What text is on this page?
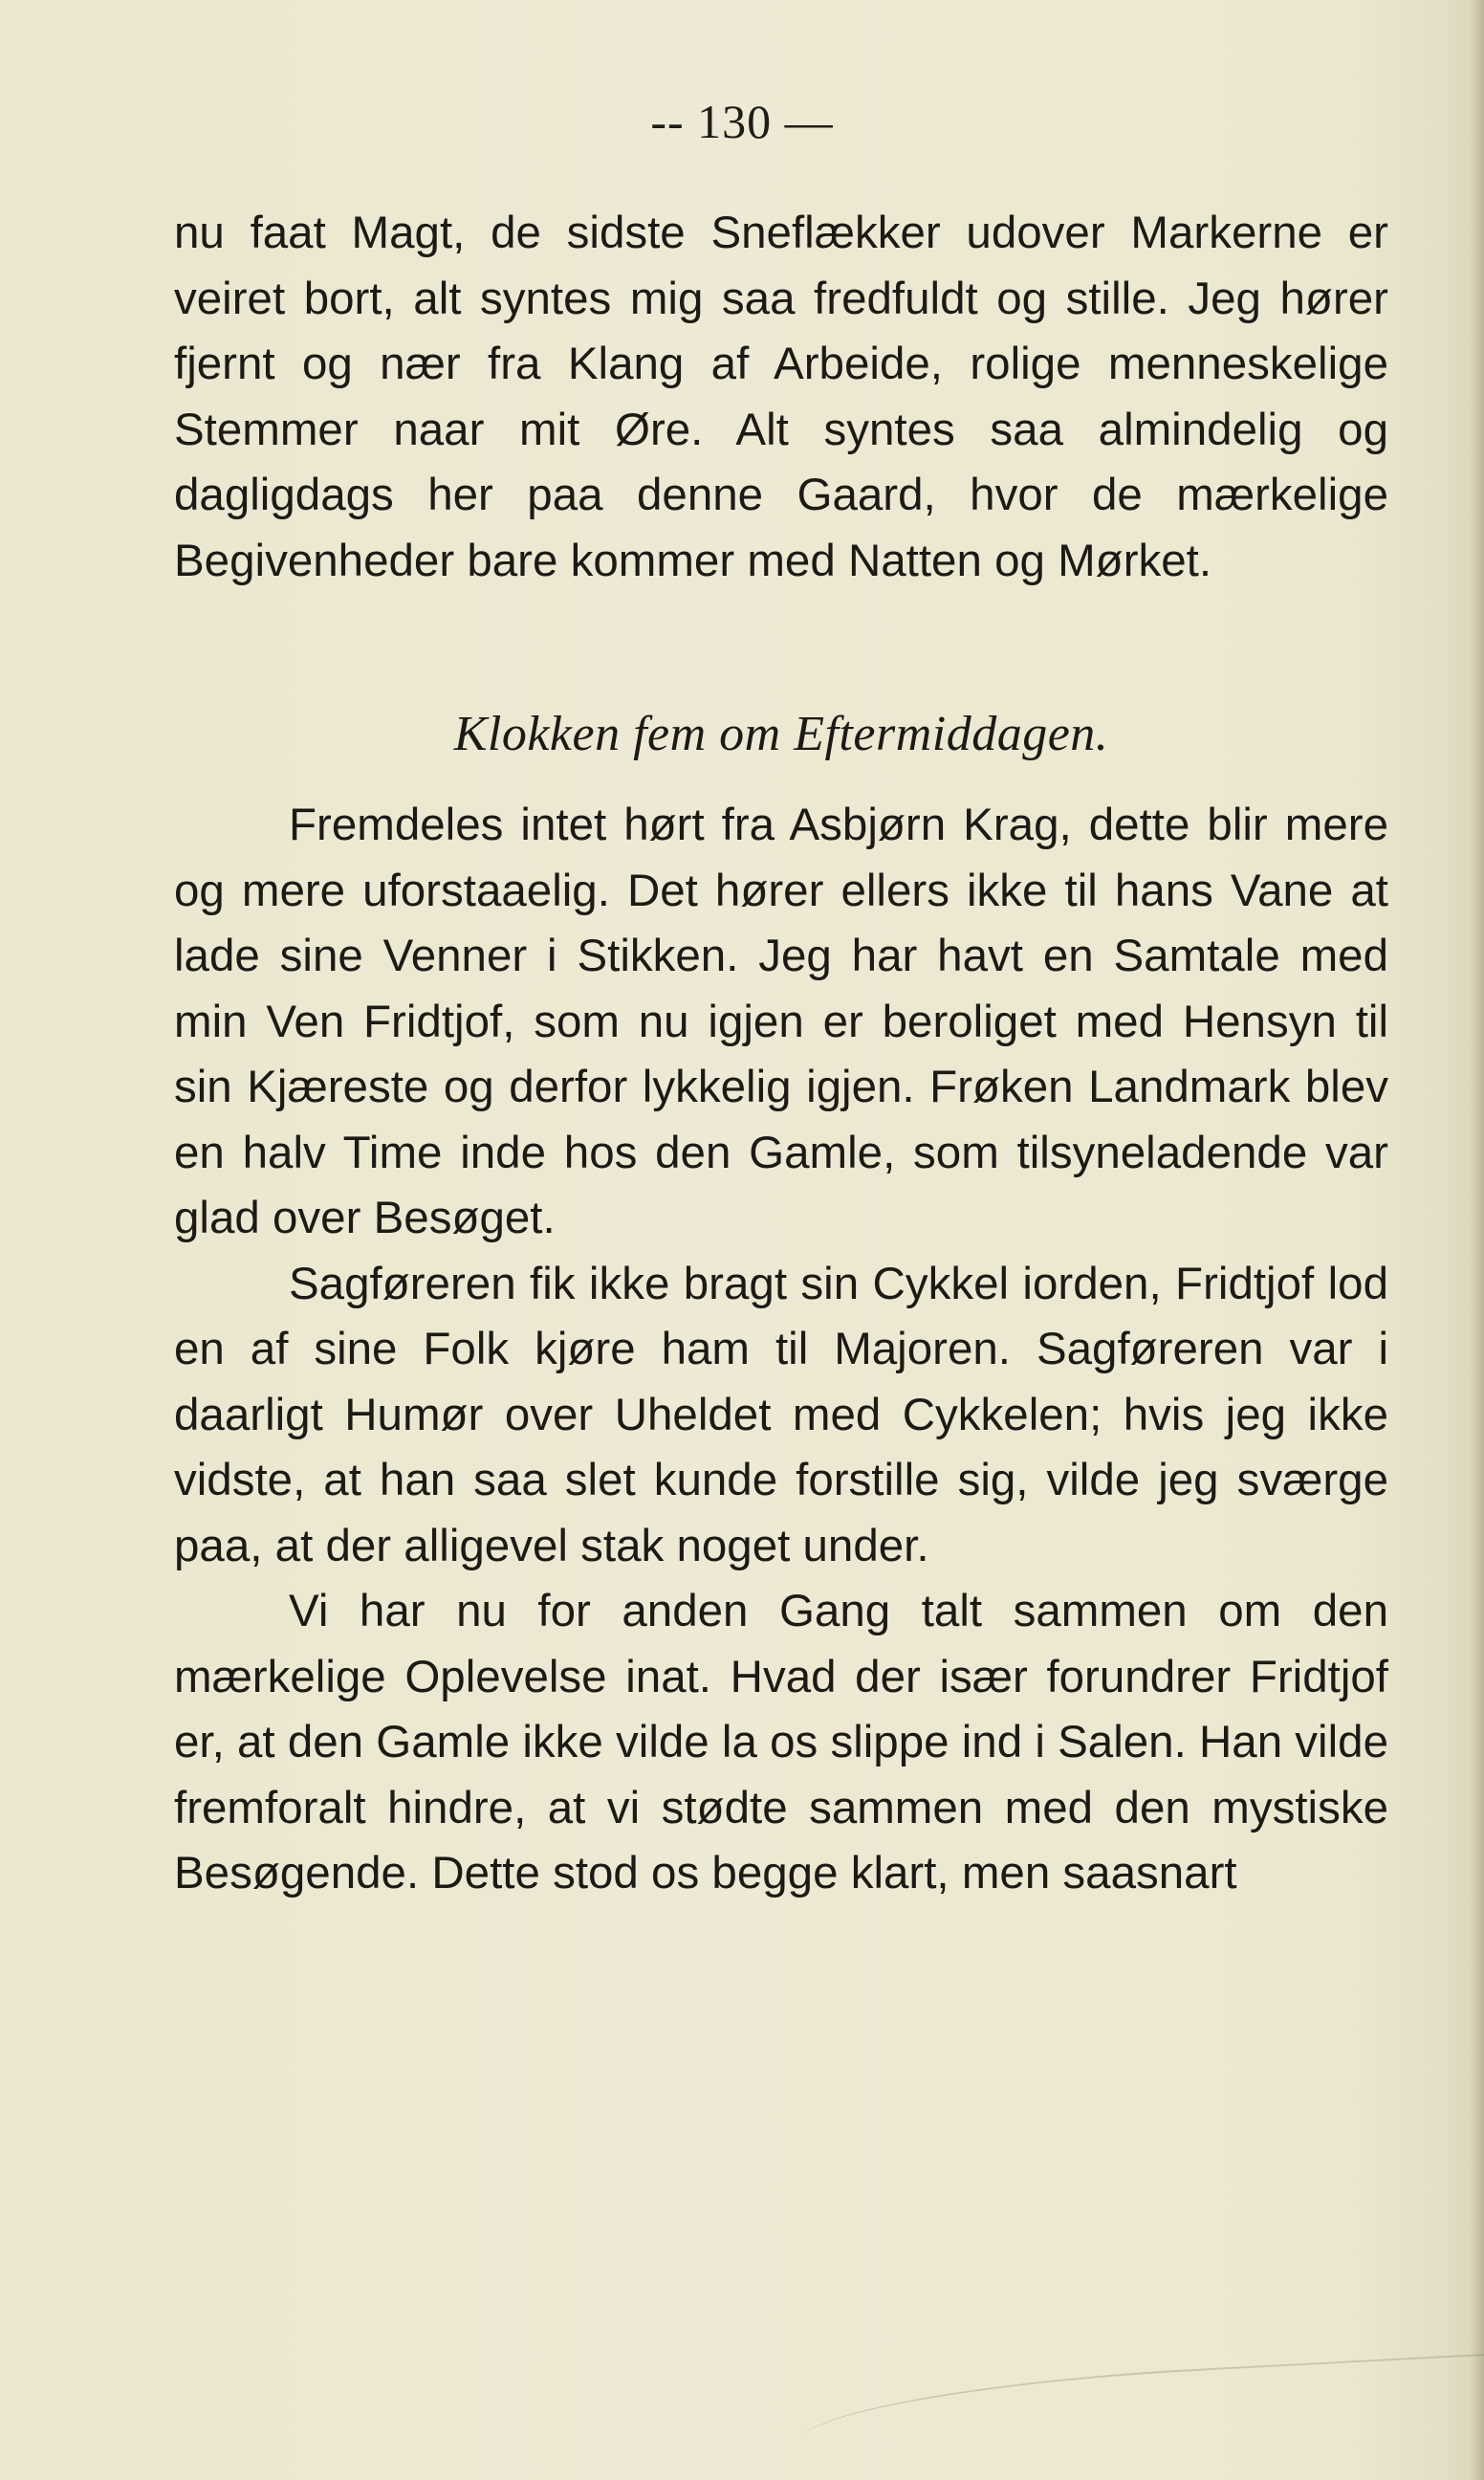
-- 130 —

nu faat Magt, de sidste Sneflækker udover Markerne er veiret bort, alt syntes mig saa fredfuldt og stille. Jeg hører fjernt og nær fra Klang af Arbeide, rolige menneskelige Stemmer naar mit Øre. Alt syntes saa almindelig og dagligdags her paa denne Gaard, hvor de mærkelige Begivenheder bare kommer med Natten og Mørket.

Klokken fem om Eftermiddagen.

Fremdeles intet hørt fra Asbjørn Krag, dette blir mere og mere uforstaaelig. Det hører ellers ikke til hans Vane at lade sine Venner i Stikken. Jeg har havt en Samtale med min Ven Fridtjof, som nu igjen er beroliget med Hensyn til sin Kjæreste og derfor lykkelig igjen. Frøken Landmark blev en halv Time inde hos den Gamle, som tilsyneladende var glad over Besøget.

Sagføreren fik ikke bragt sin Cykkel iorden, Fridtjof lod en af sine Folk kjøre ham til Majoren. Sagføreren var i daarligt Humør over Uheldet med Cykkelen; hvis jeg ikke vidste, at han saa slet kunde forstille sig, vilde jeg sværge paa, at der alligevel stak noget under.

Vi har nu for anden Gang talt sammen om den mærkelige Oplevelse inat. Hvad der især forundrer Fridtjof er, at den Gamle ikke vilde la os slippe ind i Salen. Han vilde fremforalt hindre, at vi stødte sammen med den mystiske Besøgende. Dette stod os begge klart, men saasnart
